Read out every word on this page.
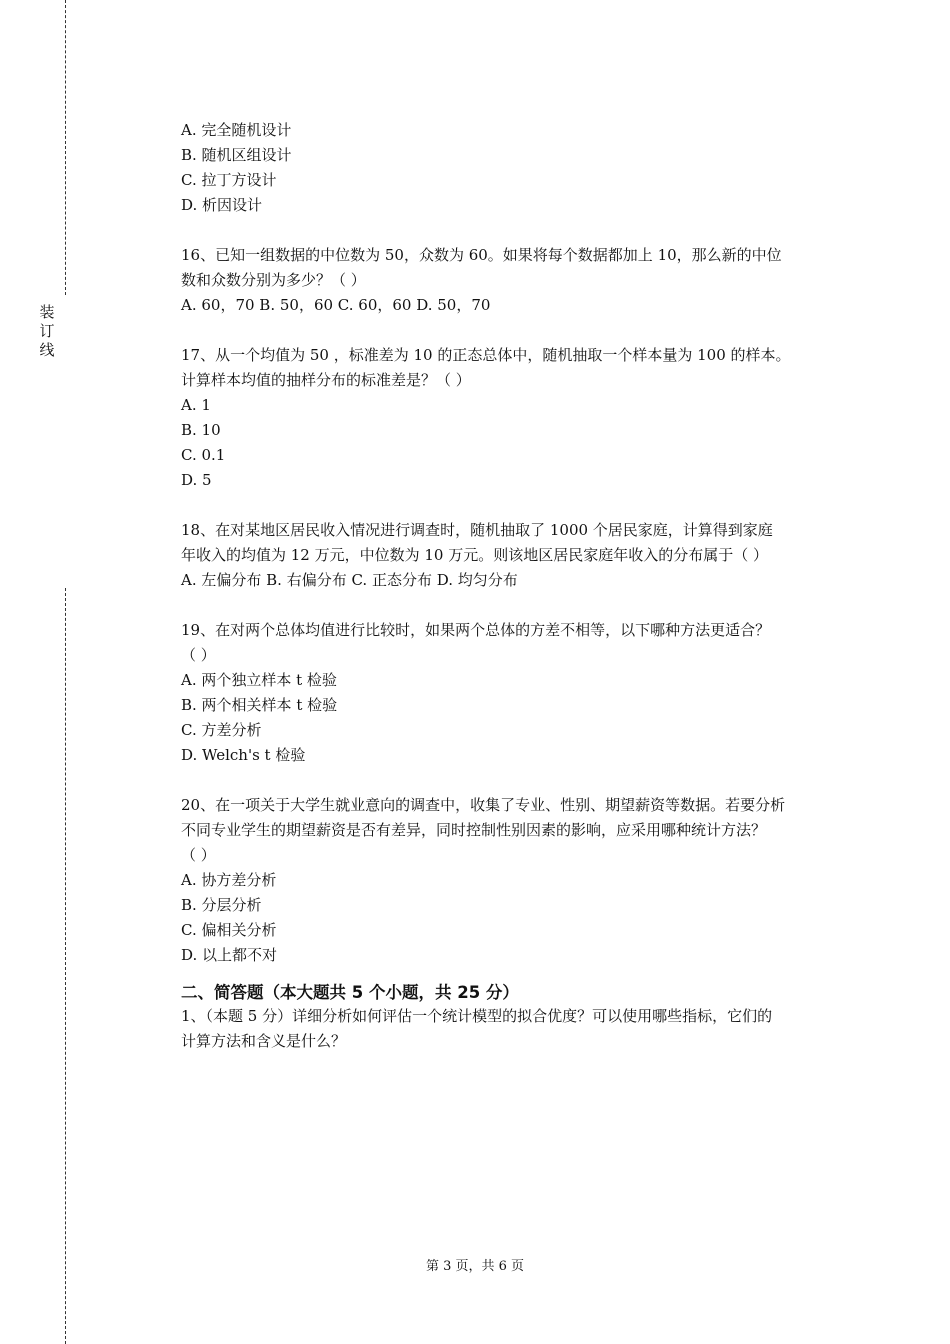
装
订
线
A. 完全随机设计
B. 随机区组设计
C. 拉丁方设计
D. 析因设计
16、已知一组数据的中位数为 50，众数为 60。如果将每个数据都加上 10，那么新的中位
数和众数分别为多少？（ ）
A. 60，70 B. 50，60 C. 60，60 D. 50，70
17、从一个均值为 50 ，标准差为 10 的正态总体中，随机抽取一个样本量为 100 的样本。
计算样本均值的抽样分布的标准差是？（ ）
A. 1
B. 10
C. 0.1
D. 5
18、在对某地区居民收入情况进行调查时，随机抽取了 1000 个居民家庭，计算得到家庭
年收入的均值为 12 万元，中位数为 10 万元。则该地区居民家庭年收入的分布属于（ ）
A. 左偏分布 B. 右偏分布 C. 正态分布 D. 均匀分布
19、在对两个总体均值进行比较时，如果两个总体的方差不相等，以下哪种方法更适合？
（ ）
A. 两个独立样本 t 检验
B. 两个相关样本 t 检验
C. 方差分析
D. Welch's t 检验
20、在一项关于大学生就业意向的调查中，收集了专业、性别、期望薪资等数据。若要分析
不同专业学生的期望薪资是否有差异，同时控制性别因素的影响，应采用哪种统计方法？
（ ）
A. 协方差分析
B. 分层分析
C. 偏相关分析
D. 以上都不对
二、简答题（本大题共 5 个小题，共 25 分）
1、（本题 5 分）详细分析如何评估一个统计模型的拟合优度？可以使用哪些指标，它们的
计算方法和含义是什么？
第 3 页，共 6 页
